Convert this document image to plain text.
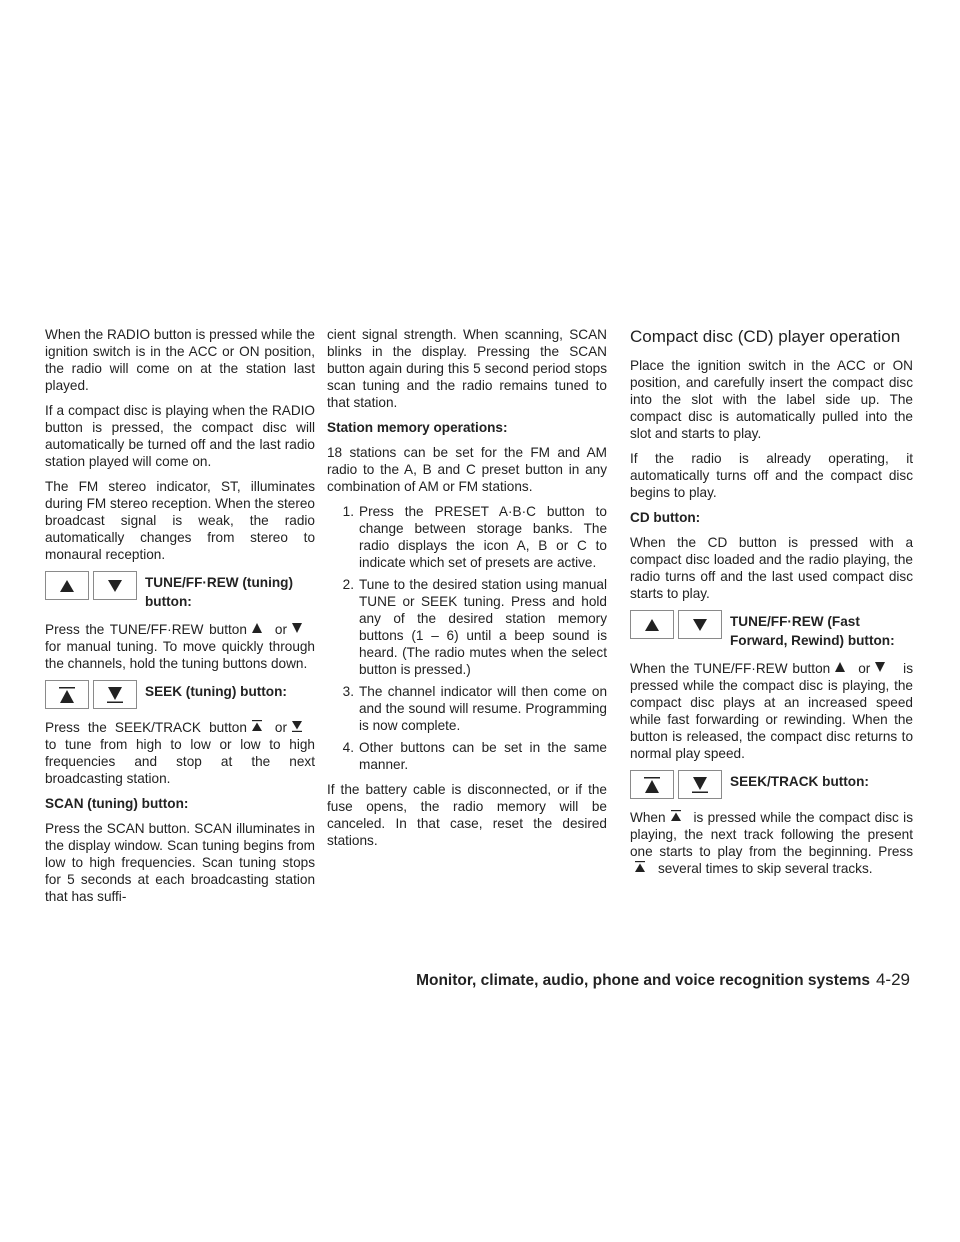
When the RADIO button is pressed while the ignition switch is in the ACC or ON position, the radio will come on at the station last played.

If a compact disc is playing when the RADIO button is pressed, the compact disc will automatically be turned off and the last radio station played will come on.

The FM stereo indicator, ST, illuminates during FM stereo reception. When the stereo broadcast signal is weak, the radio automatically changes from stereo to monaural reception.

TUNE/FF·REW (tuning) button:

Press the TUNE/FF·REW button or for manual tuning. To move quickly through the channels, hold the tuning buttons down.

SEEK (tuning) button:

Press the SEEK/TRACK button or to tune from high to low or low to high frequencies and stop at the next broadcasting station.

SCAN (tuning) button:

Press the SCAN button. SCAN illuminates in the display window. Scan tuning begins from low to high frequencies. Scan tuning stops for 5 seconds at each broadcasting station that has suffi-

cient signal strength. When scanning, SCAN blinks in the display. Pressing the SCAN button again during this 5 second period stops scan tuning and the radio remains tuned to that station.

Station memory operations:

18 stations can be set for the FM and AM radio to the A, B and C preset button in any combination of AM or FM stations.

1. Press the PRESET A·B·C button to change between storage banks. The radio displays the icon A, B or C to indicate which set of presets are active.
2. Tune to the desired station using manual TUNE or SEEK tuning. Press and hold any of the desired station memory buttons (1 – 6) until a beep sound is heard. (The radio mutes when the select button is pressed.)
3. The channel indicator will then come on and the sound will resume. Programming is now complete.
4. Other buttons can be set in the same manner.

If the battery cable is disconnected, or if the fuse opens, the radio memory will be canceled. In that case, reset the desired stations.

Compact disc (CD) player operation

Place the ignition switch in the ACC or ON position, and carefully insert the compact disc into the slot with the label side up. The compact disc is automatically pulled into the slot and starts to play.

If the radio is already operating, it automatically turns off and the compact disc begins to play.

CD button:

When the CD button is pressed with a compact disc loaded and the radio playing, the radio turns off and the last used compact disc starts to play.

TUNE/FF·REW (Fast Forward, Rewind) button:

When the TUNE/FF·REW button or is pressed while the compact disc is playing, the compact disc plays at an increased speed while fast forwarding or rewinding. When the button is released, the compact disc returns to normal play speed.

SEEK/TRACK button:

When is pressed while the compact disc is playing, the next track following the present one starts to play from the beginning. Pressseveral times to skip several tracks.

Monitor, climate, audio, phone and voice recognition systems 4-29
